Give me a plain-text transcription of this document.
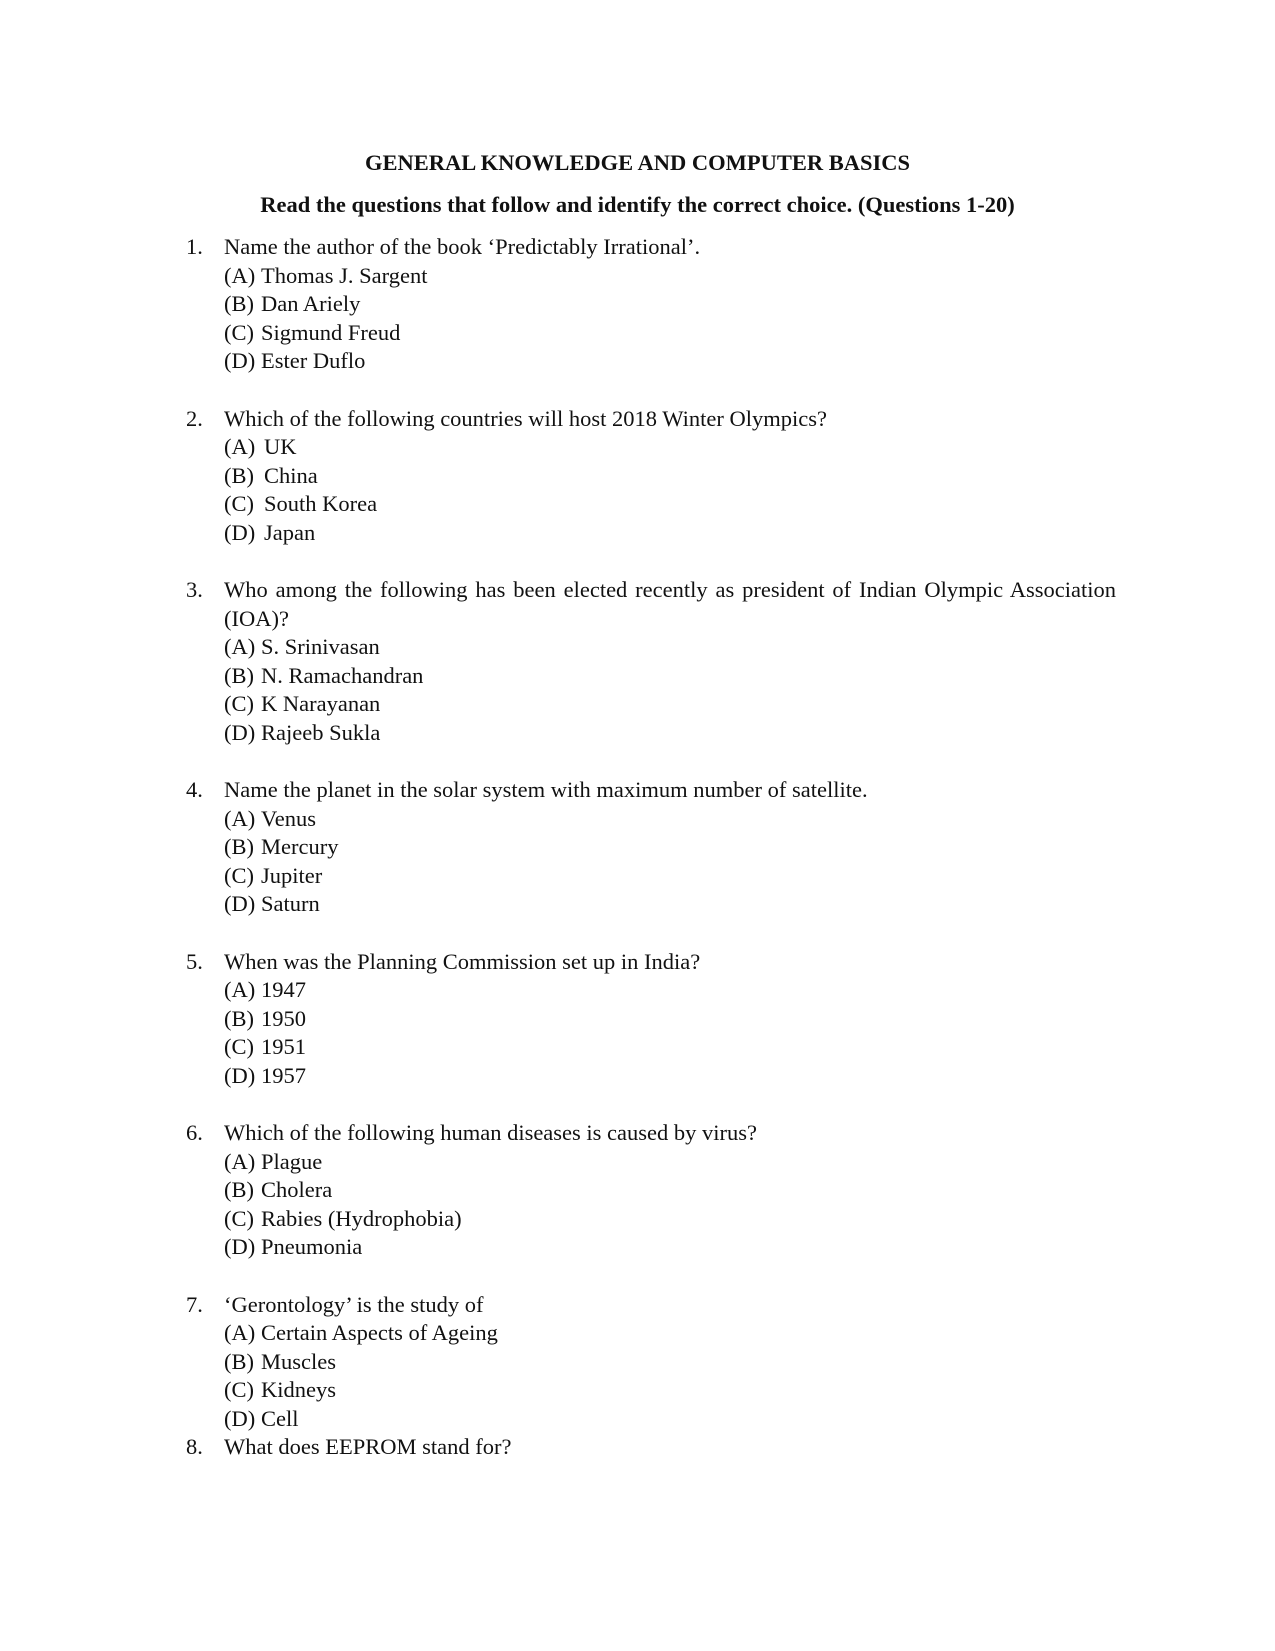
GENERAL KNOWLEDGE AND COMPUTER BASICS
Read the questions that follow and identify the correct choice. (Questions 1-20)
1. Name the author of the book ‘Predictably Irrational’.
(A) Thomas J. Sargent
(B) Dan Ariely
(C) Sigmund Freud
(D) Ester Duflo
2. Which of the following countries will host 2018 Winter Olympics?
(A) UK
(B) China
(C) South Korea
(D) Japan
3. Who among the following has been elected recently as president of Indian Olympic Association (IOA)?
(A) S. Srinivasan
(B) N. Ramachandran
(C) K Narayanan
(D) Rajeeb Sukla
4. Name the planet in the solar system with maximum number of satellite.
(A) Venus
(B) Mercury
(C) Jupiter
(D) Saturn
5. When was the Planning Commission set up in India?
(A) 1947
(B) 1950
(C) 1951
(D) 1957
6. Which of the following human diseases is caused by virus?
(A) Plague
(B) Cholera
(C) Rabies (Hydrophobia)
(D) Pneumonia
7. ‘Gerontology’ is the study of
(A) Certain Aspects of Ageing
(B) Muscles
(C) Kidneys
(D) Cell
8. What does EEPROM stand for?
